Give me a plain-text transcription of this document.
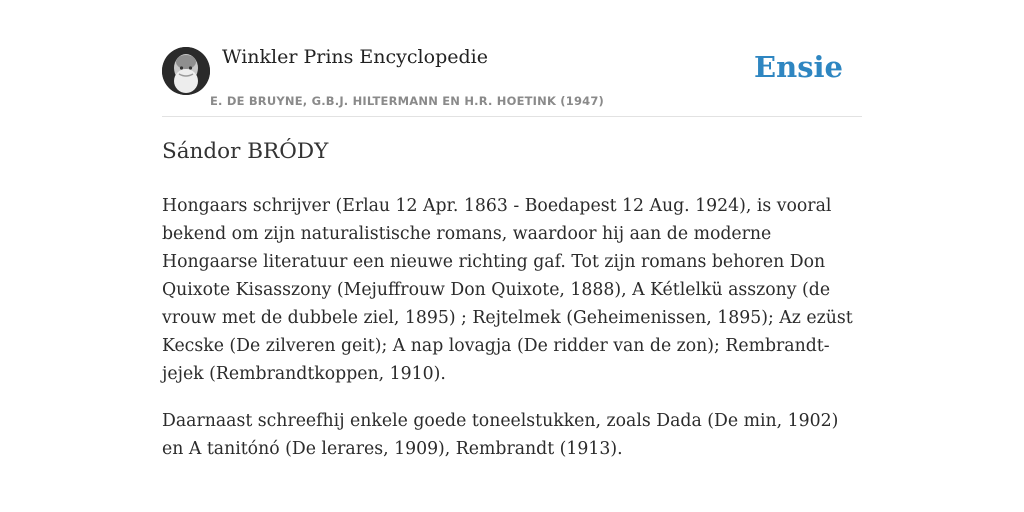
Winkler Prins Encyclopedie
E. DE BRUYNE, G.B.J. HILTERMANN EN H.R. HOETINK (1947)
Ensie
Sándor BRÓDY

Hongaars schrijver (Erlau 12 Apr. 1863 - Boedapest 12 Aug. 1924), is vooral bekend om zijn naturalistische romans, waardoor hij aan de moderne Hongaarse literatuur een nieuwe richting gaf. Tot zijn romans behoren Don Quixote Kisasszony (Mejuffrouw Don Quixote, 1888), A Kétlelkü asszony (de vrouw met de dubbele ziel, 1895) ; Rejtelmek (Geheimenissen, 1895); Az ezüst Kecske (De zilveren geit); A nap lovagja (De ridder van de zon); Rembrandt-jejek (Rembrandtkoppen, 1910).

Daarnaast schreefhij enkele goede toneelstukken, zoals Dada (De min, 1902) en A tanitónó (De lerares, 1909), Rembrandt (1913).
